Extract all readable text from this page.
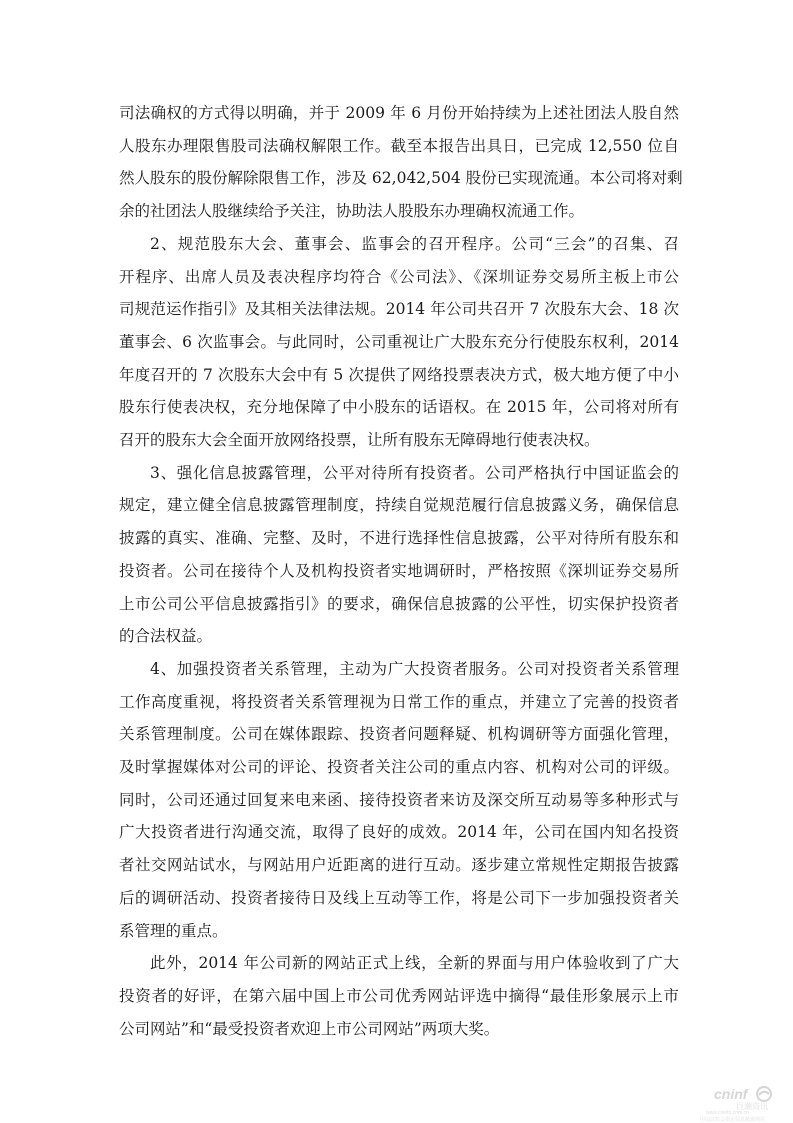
司法确权的方式得以明确，并于 2009 年 6 月份开始持续为上述社团法人股自然
人股东办理限售股司法确权解限工作。截至本报告出具日，已完成 12,550 位自
然人股东的股份解除限售工作，涉及 62,042,504 股份已实现流通。本公司将对剩
余的社团法人股继续给予关注，协助法人股股东办理确权流通工作。

2、规范股东大会、董事会、监事会的召开程序。公司“三会”的召集、召
开程序、出席人员及表决程序均符合《公司法》、《深圳证券交易所主板上市公
司规范运作指引》及其相关法律法规。2014 年公司共召开 7 次股东大会、18 次
董事会、6 次监事会。与此同时，公司重视让广大股东充分行使股东权利，2014
年度召开的 7 次股东大会中有 5 次提供了网络投票表决方式，极大地方便了中小
股东行使表决权，充分地保障了中小股东的话语权。在 2015 年，公司将对所有
召开的股东大会全面开放网络投票，让所有股东无障碍地行使表决权。

3、强化信息披露管理，公平对待所有投资者。公司严格执行中国证监会的
规定，建立健全信息披露管理制度，持续自觉规范履行信息披露义务，确保信息
披露的真实、准确、完整、及时，不进行选择性信息披露，公平对待所有股东和
投资者。公司在接待个人及机构投资者实地调研时，严格按照《深圳证券交易所
上市公司公平信息披露指引》的要求，确保信息披露的公平性，切实保护投资者
的合法权益。

4、加强投资者关系管理，主动为广大投资者服务。公司对投资者关系管理
工作高度重视，将投资者关系管理视为日常工作的重点，并建立了完善的投资者
关系管理制度。公司在媒体跟踪、投资者问题释疑、机构调研等方面强化管理，
及时掌握媒体对公司的评论、投资者关注公司的重点内容、机构对公司的评级。
同时，公司还通过回复来电来函、接待投资者来访及深交所互动易等多种形式与
广大投资者进行沟通交流，取得了良好的成效。2014 年，公司在国内知名投资
者社交网站试水，与网站用户近距离的进行互动。逐步建立常规性定期报告披露
后的调研活动、投资者接待日及线上互动等工作，将是公司下一步加强投资者关
系管理的重点。

此外，2014 年公司新的网站正式上线，全新的界面与用户体验收到了广大
投资者的好评，在第六届中国上市公司优秀网站评选中摘得“最佳形象展示上市
公司网站”和“最受投资者欢迎上市公司网站”两项大奖。

cninf
巨潮资讯
www.cninfo.com.cn
中国证监会指定信息披露网站
